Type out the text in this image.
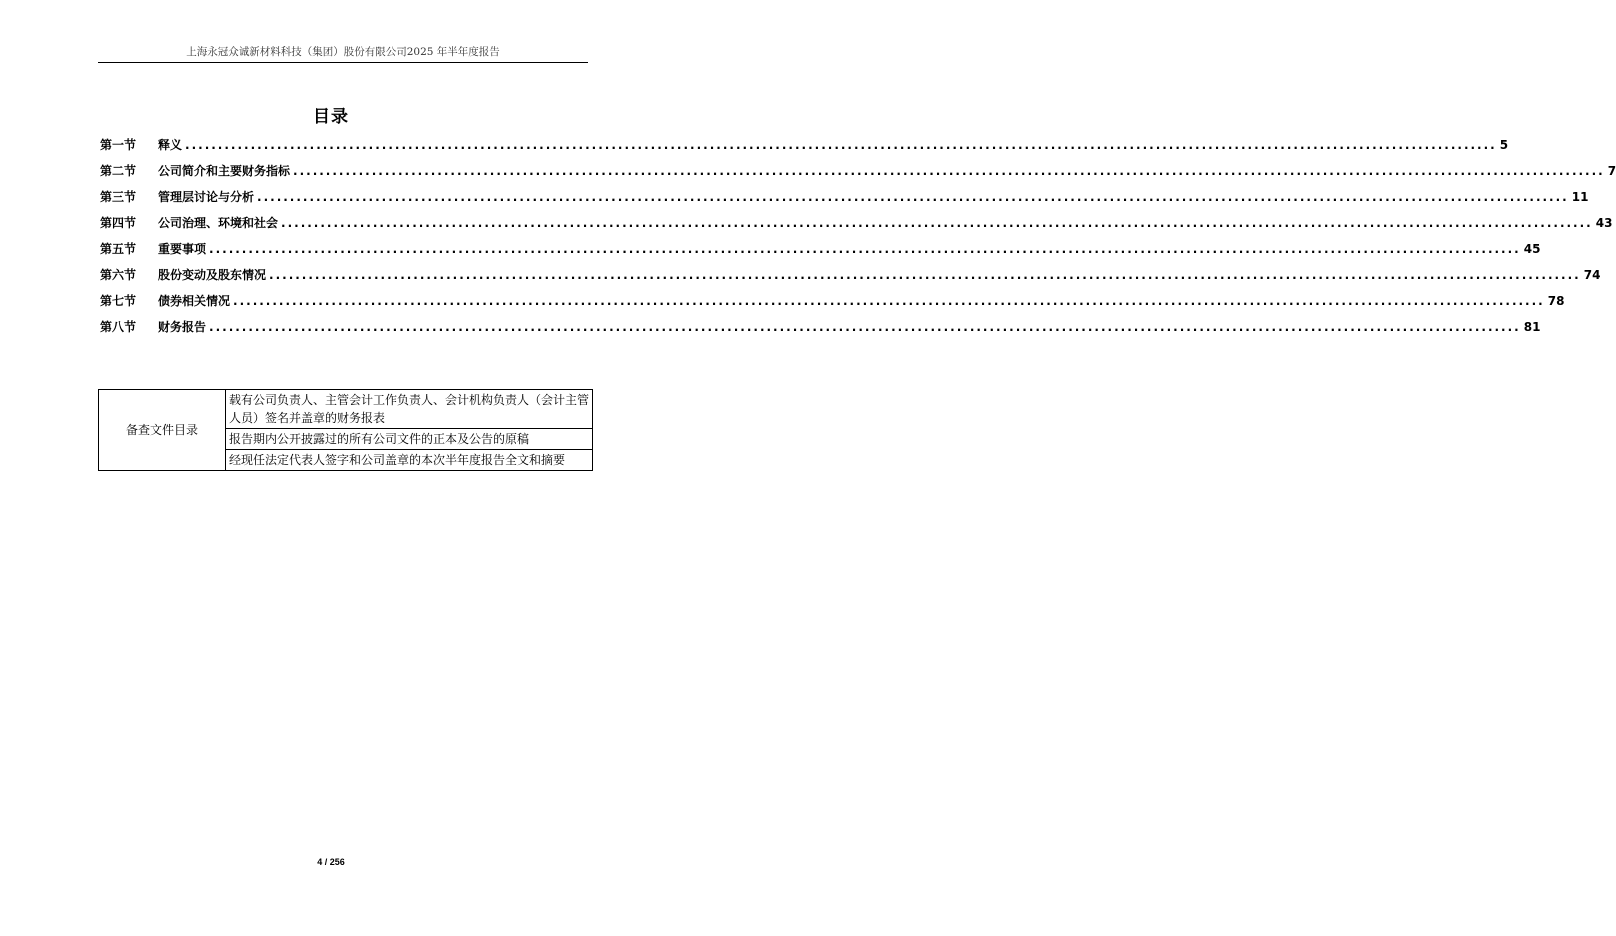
上海永冠众诚新材料科技（集团）股份有限公司2025 年半年度报告
目录
第一节	释义 ........................................................................................................................................................................................................ 5
第二节	公司简介和主要财务指标 ........................................................................................................................................................................................................ 7
第三节	管理层讨论与分析 ........................................................................................................................................................................................................ 11
第四节	公司治理、环境和社会 ........................................................................................................................................................................................................ 43
第五节	重要事项 ........................................................................................................................................................................................................ 45
第六节	股份变动及股东情况 ........................................................................................................................................................................................................ 74
第七节	债券相关情况 ........................................................................................................................................................................................................ 78
第八节	财务报告 ........................................................................................................................................................................................................ 81
备查文件目录	载有公司负责人、主管会计工作负责人、会计机构负责人（会计主管人员）签名并盖章的财务报表
报告期内公开披露过的所有公司文件的正本及公告的原稿
经现任法定代表人签字和公司盖章的本次半年度报告全文和摘要
4 / 256
